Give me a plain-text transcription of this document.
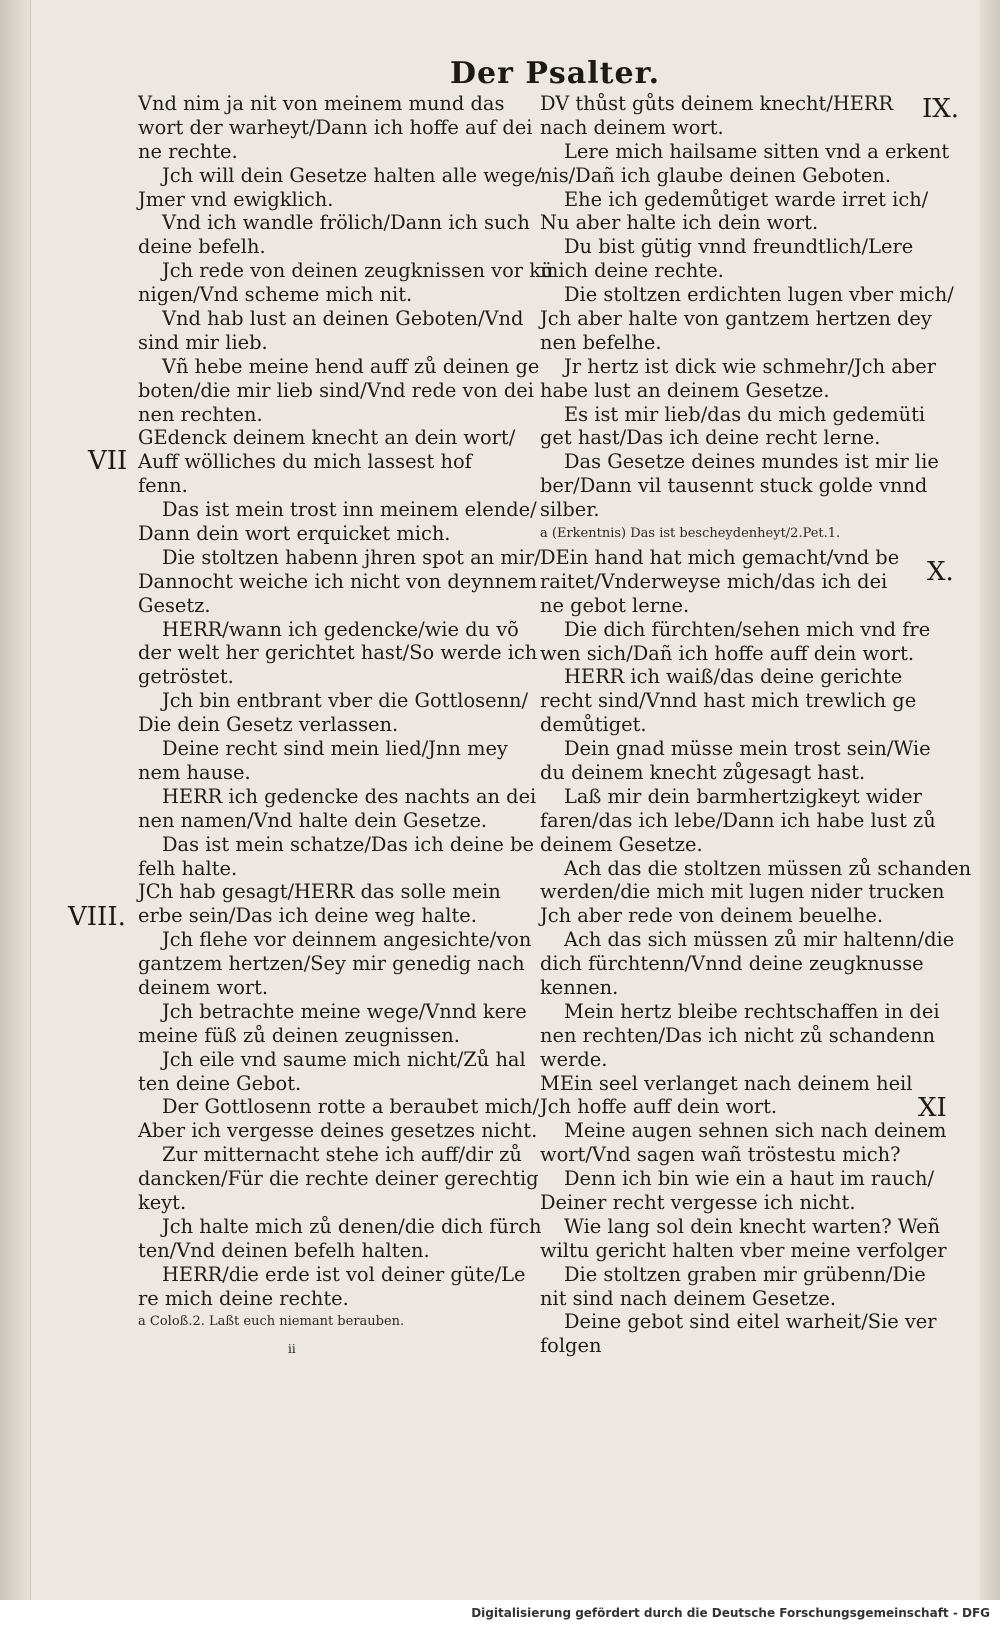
Der Psalter.
IX.
VII
VIII.
X.
XI
Vnd nim ja nit von meinem mund das
wort der warheyt/Dann ich hoffe auf dei
ne rechte.
Jch will dein Gesetze halten alle wege/
Jmer vnd ewigklich.
Vnd ich wandle frölich/Dann ich such
deine befelh.
Jch rede von deinen zeugknissen vor kü
nigen/Vnd scheme mich nit.
Vnd hab lust an deinen Geboten/Vnd
sind mir lieb.
Vñ hebe meine hend auff zů deinen ge
boten/die mir lieb sind/Vnd rede von dei
nen rechten.
GEdenck deinem knecht an dein wort/
Auff wölliches du mich lassest hof
fenn.
Das ist mein trost inn meinem elende/
Dann dein wort erquicket mich.
Die stoltzen habenn jhren spot an mir/
Dannocht weiche ich nicht von deynnem
Gesetz.
HERR/wann ich gedencke/wie du võ
der welt her gerichtet hast/So werde ich
getröstet.
Jch bin entbrant vber die Gottlosenn/
Die dein Gesetz verlassen.
Deine recht sind mein lied/Jnn mey
nem hause.
HERR ich gedencke des nachts an dei
nen namen/Vnd halte dein Gesetze.
Das ist mein schatze/Das ich deine be
felh halte.
JCh hab gesagt/HERR das solle mein
erbe sein/Das ich deine weg halte.
Jch flehe vor deinnem angesichte/von
gantzem hertzen/Sey mir genedig nach
deinem wort.
Jch betrachte meine wege/Vnnd kere
meine füß zů deinen zeugnissen.
Jch eile vnd saume mich nicht/Zů hal
ten deine Gebot.
Der Gottlosenn rotte a beraubet mich/
Aber ich vergesse deines gesetzes nicht.
Zur mitternacht stehe ich auff/dir zů
dancken/Für die rechte deiner gerechtig
keyt.
Jch halte mich zů denen/die dich fürch
ten/Vnd deinen befelh halten.
HERR/die erde ist vol deiner güte/Le
re mich deine rechte.
a Coloß.2. Laßt euch niemant berauben.
ii
DV thůst gůts deinem knecht/HERR
nach deinem wort.
Lere mich hailsame sitten vnd a erkent
nis/Dañ ich glaube deinen Geboten.
Ehe ich gedemůtiget warde irret ich/
Nu aber halte ich dein wort.
Du bist gütig vnnd freundtlich/Lere
mich deine rechte.
Die stoltzen erdichten lugen vber mich/
Jch aber halte von gantzem hertzen dey
nen befelhe.
Jr hertz ist dick wie schmehr/Jch aber
habe lust an deinem Gesetze.
Es ist mir lieb/das du mich gedemüti
get hast/Das ich deine recht lerne.
Das Gesetze deines mundes ist mir lie
ber/Dann vil tausennt stuck golde vnnd
silber.
a (Erkentnis) Das ist bescheydenheyt/2.Pet.1.
DEin hand hat mich gemacht/vnd be
raitet/Vnderweyse mich/das ich dei
ne gebot lerne.
Die dich fürchten/sehen mich vnd fre
wen sich/Dañ ich hoffe auff dein wort.
HERR ich waiß/das deine gerichte
recht sind/Vnnd hast mich trewlich ge
demůtiget.
Dein gnad müsse mein trost sein/Wie
du deinem knecht zůgesagt hast.
Laß mir dein barmhertzigkeyt wider
faren/das ich lebe/Dann ich habe lust zů
deinem Gesetze.
Ach das die stoltzen müssen zů schanden
werden/die mich mit lugen nider trucken
Jch aber rede von deinem beuelhe.
Ach das sich müssen zů mir haltenn/die
dich fürchtenn/Vnnd deine zeugknusse
kennen.
Mein hertz bleibe rechtschaffen in dei
nen rechten/Das ich nicht zů schandenn
werde.
MEin seel verlanget nach deinem heil
Jch hoffe auff dein wort.
Meine augen sehnen sich nach deinem
wort/Vnd sagen wañ tröstestu mich?
Denn ich bin wie ein a haut im rauch/
Deiner recht vergesse ich nicht.
Wie lang sol dein knecht warten? Weñ
wiltu gericht halten vber meine verfolger
Die stoltzen graben mir grübenn/Die
nit sind nach deinem Gesetze.
Deine gebot sind eitel warheit/Sie ver
folgen
Digitalisierung gefördert durch die Deutsche Forschungsgemeinschaft - DFG
